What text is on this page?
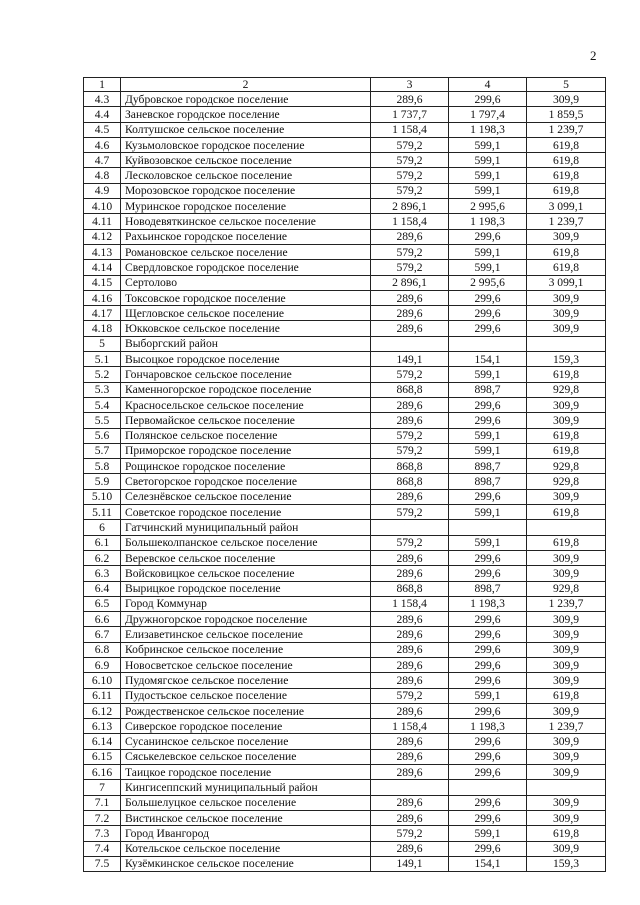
2
1	2	3	4	5
4.3	Дубровское городское поселение	289,6	299,6	309,9
4.4	Заневское городское поселение	1 737,7	1 797,4	1 859,5
4.5	Колтушское сельское поселение	1 158,4	1 198,3	1 239,7
4.6	Кузьмоловское городское поселение	579,2	599,1	619,8
4.7	Куйвозовское сельское поселение	579,2	599,1	619,8
4.8	Лесколовское сельское поселение	579,2	599,1	619,8
4.9	Морозовское городское поселение	579,2	599,1	619,8
4.10	Муринское городское поселение	2 896,1	2 995,6	3 099,1
4.11	Новодевяткинское сельское поселение	1 158,4	1 198,3	1 239,7
4.12	Рахьинское городское поселение	289,6	299,6	309,9
4.13	Романовское сельское поселение	579,2	599,1	619,8
4.14	Свердловское городское поселение	579,2	599,1	619,8
4.15	Сертолово	2 896,1	2 995,6	3 099,1
4.16	Токсовское городское поселение	289,6	299,6	309,9
4.17	Щегловское сельское поселение	289,6	299,6	309,9
4.18	Юкковское сельское поселение	289,6	299,6	309,9
5	Выборгский район			
5.1	Высоцкое городское поселение	149,1	154,1	159,3
5.2	Гончаровское сельское поселение	579,2	599,1	619,8
5.3	Каменногорское городское поселение	868,8	898,7	929,8
5.4	Красносельское сельское поселение	289,6	299,6	309,9
5.5	Первомайское сельское поселение	289,6	299,6	309,9
5.6	Полянское сельское поселение	579,2	599,1	619,8
5.7	Приморское городское поселение	579,2	599,1	619,8
5.8	Рощинское городское поселение	868,8	898,7	929,8
5.9	Светогорское городское поселение	868,8	898,7	929,8
5.10	Селезнёвское сельское поселение	289,6	299,6	309,9
5.11	Советское городское поселение	579,2	599,1	619,8
6	Гатчинский муниципальный район			
6.1	Большеколпанское сельское поселение	579,2	599,1	619,8
6.2	Веревское сельское поселение	289,6	299,6	309,9
6.3	Войсковицкое сельское поселение	289,6	299,6	309,9
6.4	Вырицкое городское поселение	868,8	898,7	929,8
6.5	Город Коммунар	1 158,4	1 198,3	1 239,7
6.6	Дружногорское городское поселение	289,6	299,6	309,9
6.7	Елизаветинское сельское поселение	289,6	299,6	309,9
6.8	Кобринское сельское поселение	289,6	299,6	309,9
6.9	Новосветское сельское поселение	289,6	299,6	309,9
6.10	Пудомягское сельское поселение	289,6	299,6	309,9
6.11	Пудостьское сельское поселение	579,2	599,1	619,8
6.12	Рождественское сельское поселение	289,6	299,6	309,9
6.13	Сиверское городское поселение	1 158,4	1 198,3	1 239,7
6.14	Сусанинское сельское поселение	289,6	299,6	309,9
6.15	Сяськелевское сельское поселение	289,6	299,6	309,9
6.16	Таицкое городское поселение	289,6	299,6	309,9
7	Кингисеппский муниципальный район			
7.1	Большелуцкое сельское поселение	289,6	299,6	309,9
7.2	Вистинское сельское поселение	289,6	299,6	309,9
7.3	Город Ивангород	579,2	599,1	619,8
7.4	Котельское сельское поселение	289,6	299,6	309,9
7.5	Кузёмкинское сельское поселение	149,1	154,1	159,3
